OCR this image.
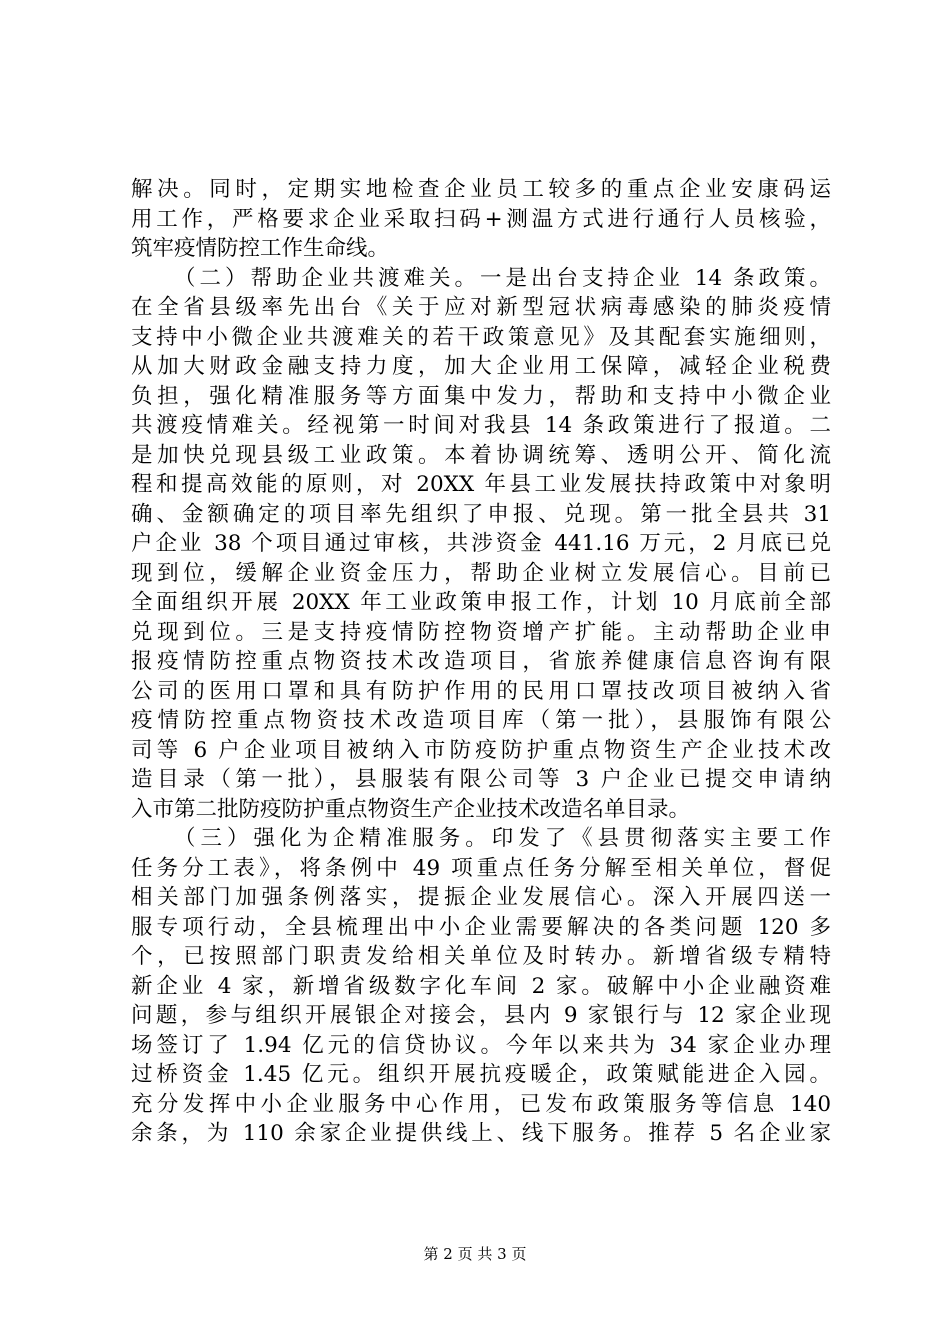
解决。同时，定期实地检查企业员工较多的重点企业安康码运
用工作，严格要求企业采取扫码+测温方式进行通行人员核验，
筑牢疫情防控工作生命线。
（二）帮助企业共渡难关。一是出台支持企业 14 条政策。
在全省县级率先出台《关于应对新型冠状病毒感染的肺炎疫情
支持中小微企业共渡难关的若干政策意见》及其配套实施细则，
从加大财政金融支持力度，加大企业用工保障，减轻企业税费
负担，强化精准服务等方面集中发力，帮助和支持中小微企业
共渡疫情难关。经视第一时间对我县 14 条政策进行了报道。二
是加快兑现县级工业政策。本着协调统筹、透明公开、简化流
程和提高效能的原则，对 20XX 年县工业发展扶持政策中对象明
确、金额确定的项目率先组织了申报、兑现。第一批全县共 31
户企业 38 个项目通过审核，共涉资金 441.16 万元，2 月底已兑
现到位，缓解企业资金压力，帮助企业树立发展信心。目前已
全面组织开展 20XX 年工业政策申报工作，计划 10 月底前全部
兑现到位。三是支持疫情防控物资增产扩能。主动帮助企业申
报疫情防控重点物资技术改造项目，省旅养健康信息咨询有限
公司的医用口罩和具有防护作用的民用口罩技改项目被纳入省
疫情防控重点物资技术改造项目库（第一批），县服饰有限公
司等 6 户企业项目被纳入市防疫防护重点物资生产企业技术改
造目录（第一批），县服装有限公司等 3 户企业已提交申请纳
入市第二批防疫防护重点物资生产企业技术改造名单目录。
（三）强化为企精准服务。印发了《县贯彻落实主要工作
任务分工表》，将条例中 49 项重点任务分解至相关单位，督促
相关部门加强条例落实，提振企业发展信心。深入开展四送一
服专项行动，全县梳理出中小企业需要解决的各类问题 120 多
个，已按照部门职责发给相关单位及时转办。新增省级专精特
新企业 4 家，新增省级数字化车间 2 家。破解中小企业融资难
问题，参与组织开展银企对接会，县内 9 家银行与 12 家企业现
场签订了 1.94 亿元的信贷协议。今年以来共为 34 家企业办理
过桥资金 1.45 亿元。组织开展抗疫暖企，政策赋能进企入园。
充分发挥中小企业服务中心作用，已发布政策服务等信息 140
余条，为 110 余家企业提供线上、线下服务。推荐 5 名企业家
第 2 页 共 3 页
